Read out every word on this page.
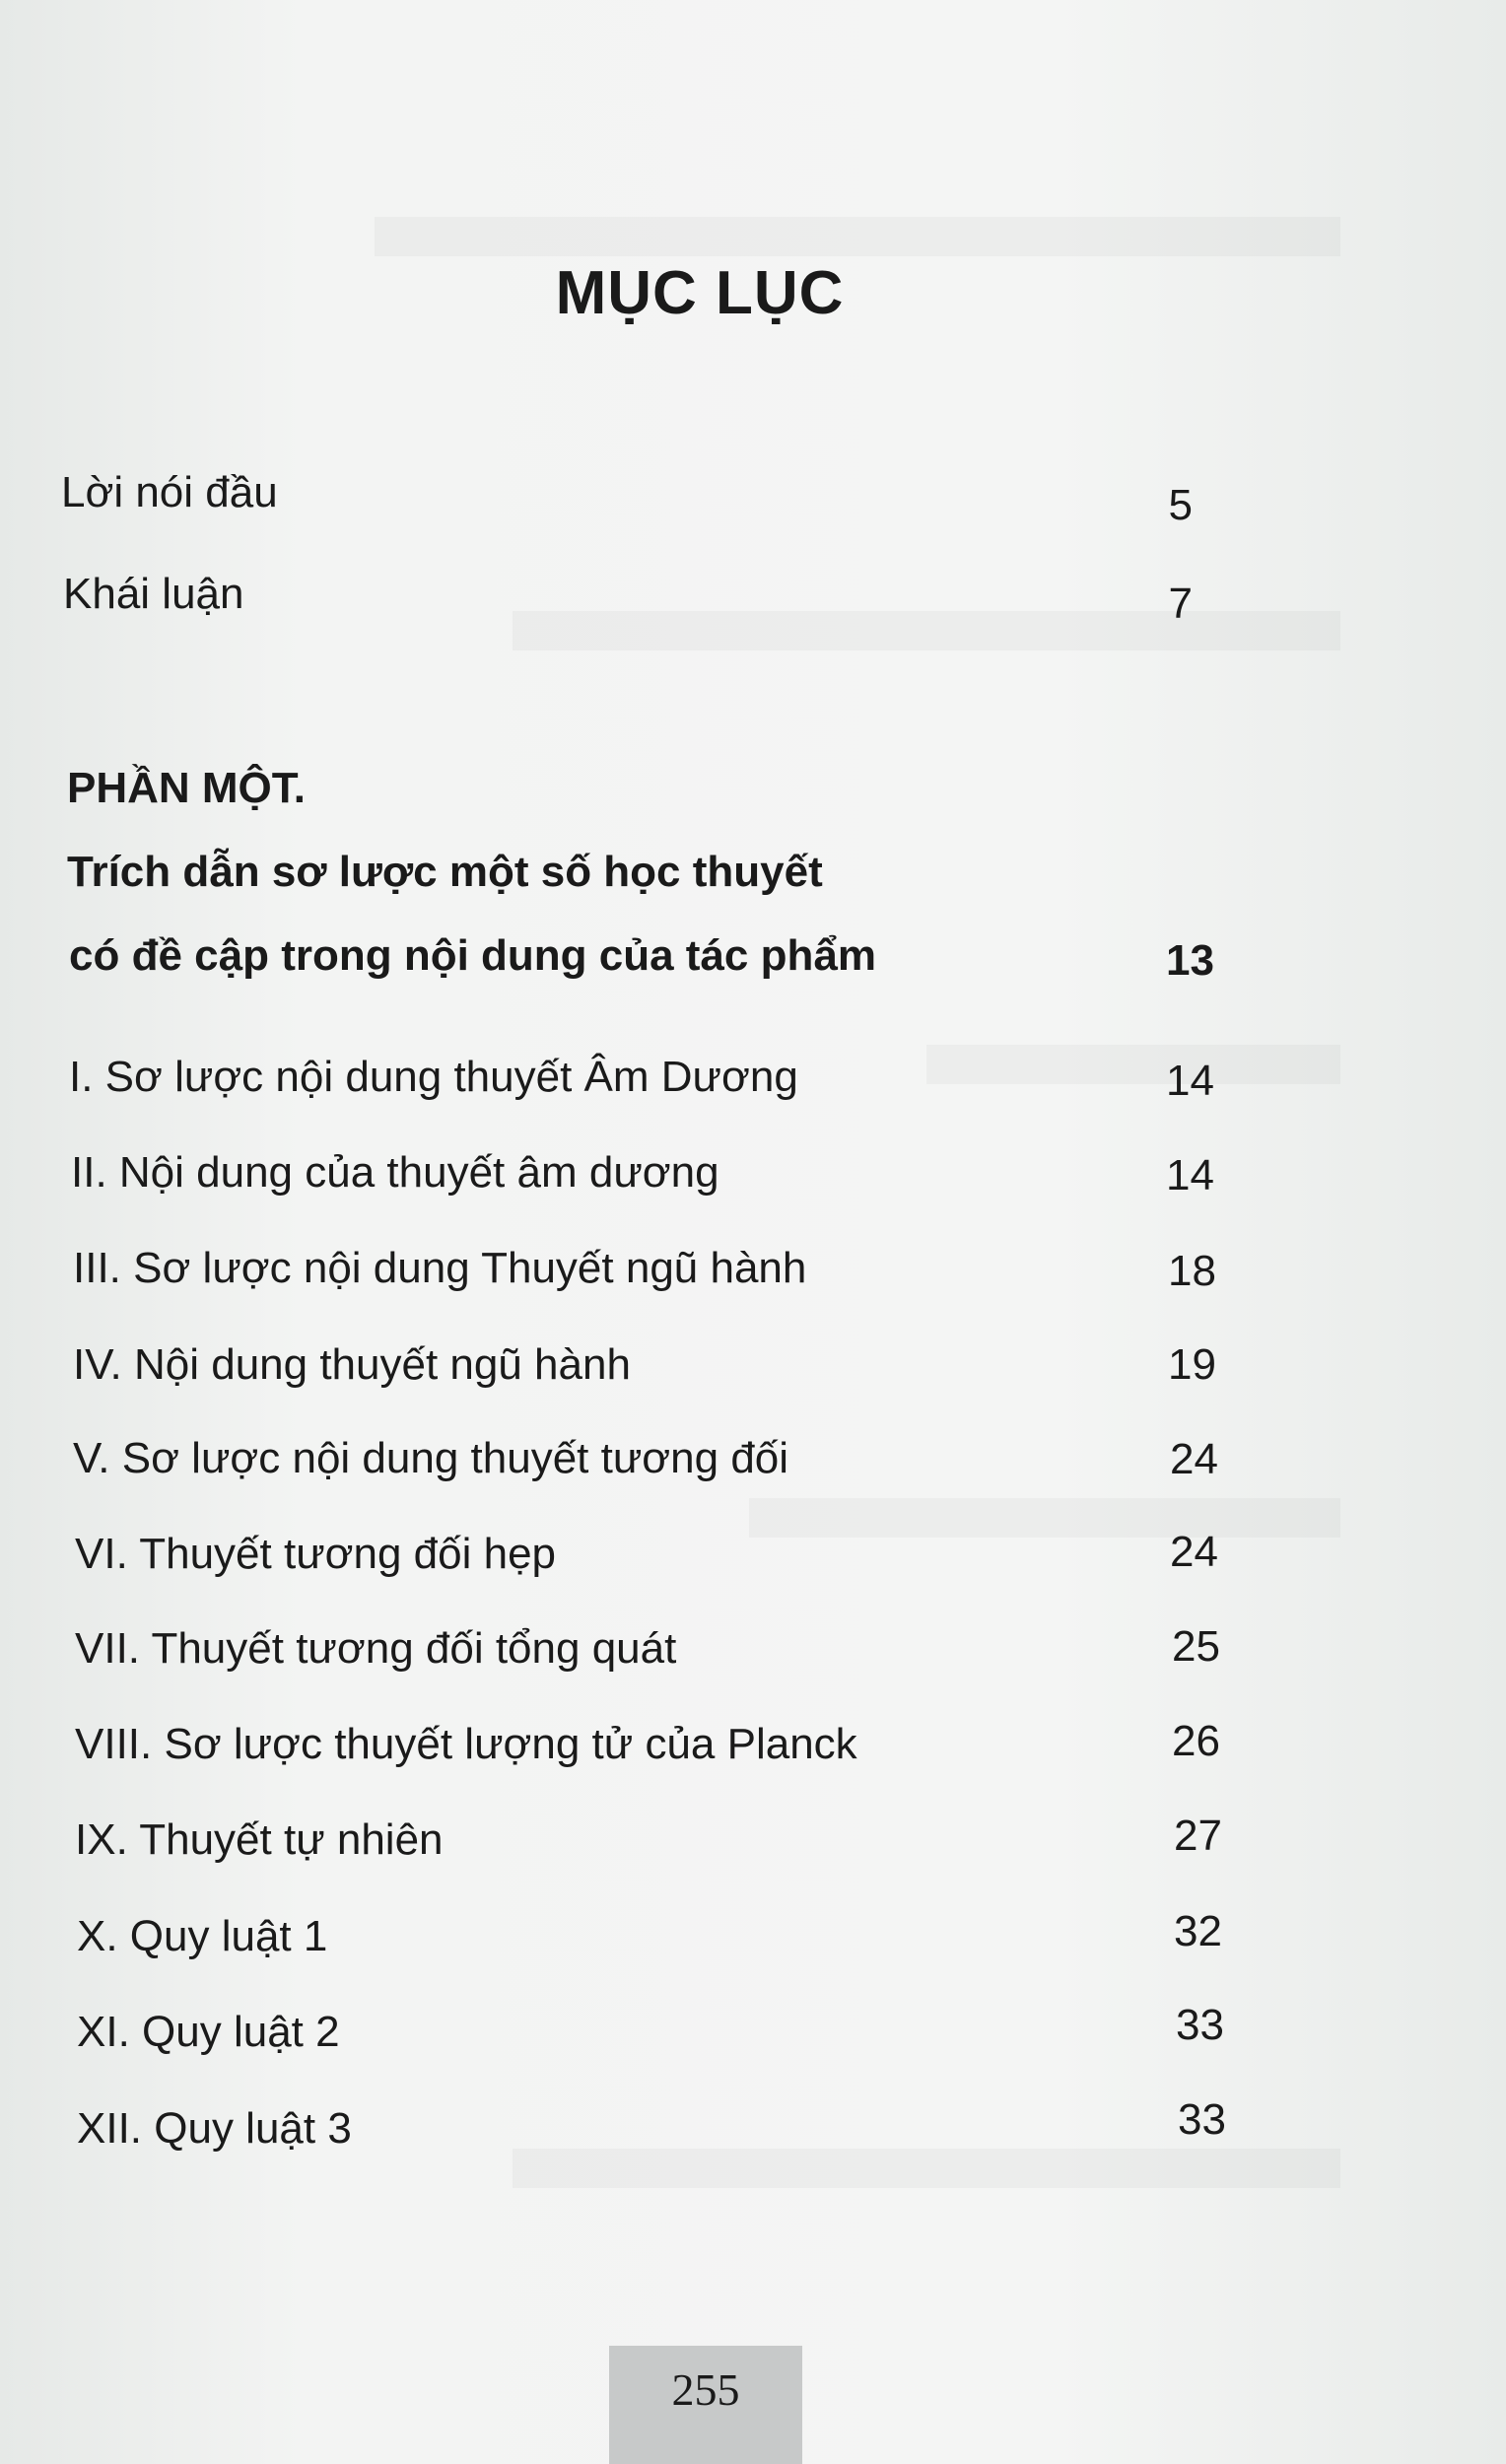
MỤC LỤC
Lời nói đầu	5
Khái luận	7
PHẦN MỘT.
Trích dẫn sơ lược một số học thuyết
có đề cập trong nội dung của tác phẩm	13
I. Sơ lược nội dung thuyết Âm Dương	14
II. Nội dung của thuyết âm dương	14
III. Sơ lược nội dung Thuyết ngũ hành	18
IV. Nội dung thuyết ngũ hành	19
V. Sơ lược nội dung thuyết tương đối	24
VI. Thuyết tương đối hẹp	24
VII. Thuyết tương đối tổng quát	25
VIII. Sơ lược thuyết lượng tử của Planck	26
IX. Thuyết tự nhiên	27
X. Quy luật 1	32
XI. Quy luật 2	33
XII. Quy luật 3	33
255
